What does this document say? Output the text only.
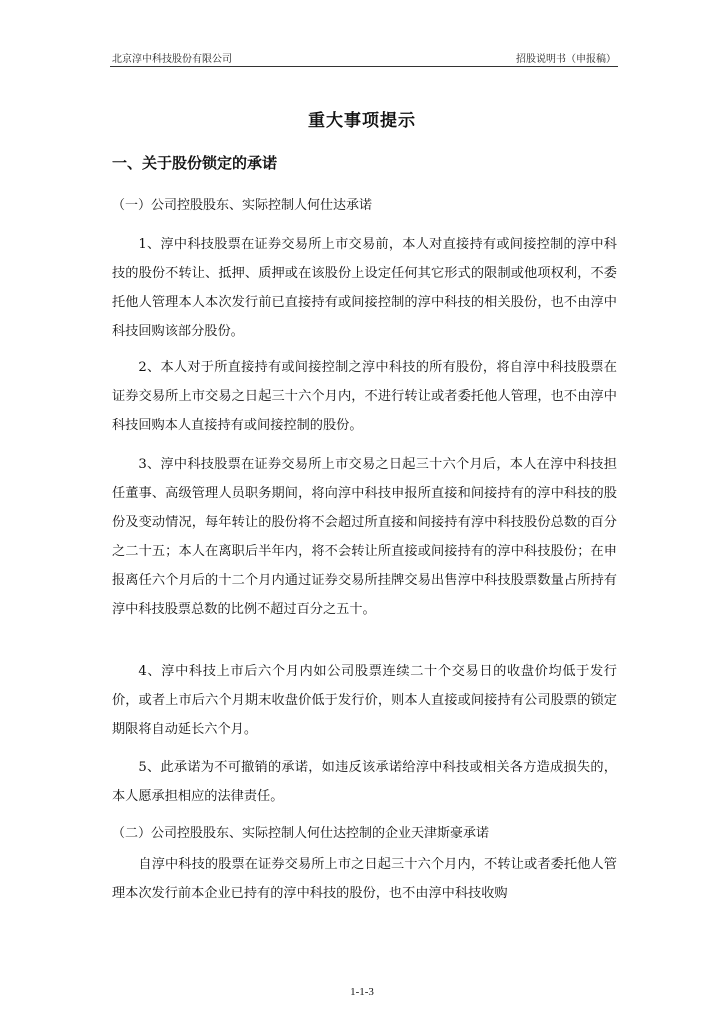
北京淳中科技股份有限公司	招股说明书（申报稿）
重大事项提示
一、关于股份锁定的承诺
（一）公司控股股东、实际控制人何仕达承诺

1、淳中科技股票在证券交易所上市交易前，本人对直接持有或间接控制的淳中科技的股份不转让、抵押、质押或在该股份上设定任何其它形式的限制或他项权利，不委托他人管理本人本次发行前已直接持有或间接控制的淳中科技的相关股份，也不由淳中科技回购该部分股份。

2、本人对于所直接持有或间接控制之淳中科技的所有股份，将自淳中科技股票在证券交易所上市交易之日起三十六个月内，不进行转让或者委托他人管理，也不由淳中科技回购本人直接持有或间接控制的股份。

3、淳中科技股票在证券交易所上市交易之日起三十六个月后，本人在淳中科技担任董事、高级管理人员职务期间，将向淳中科技申报所直接和间接持有的淳中科技的股份及变动情况，每年转让的股份将不会超过所直接和间接持有淳中科技股份总数的百分之二十五；本人在离职后半年内，将不会转让所直接或间接持有的淳中科技股份；在申报离任六个月后的十二个月内通过证券交易所挂牌交易出售淳中科技股票数量占所持有淳中科技股票总数的比例不超过百分之五十。

4、淳中科技上市后六个月内如公司股票连续二十个交易日的收盘价均低于发行价，或者上市后六个月期末收盘价低于发行价，则本人直接或间接持有公司股票的锁定期限将自动延长六个月。

5、此承诺为不可撤销的承诺，如违反该承诺给淳中科技或相关各方造成损失的，本人愿承担相应的法律责任。

（二）公司控股股东、实际控制人何仕达控制的企业天津斯豪承诺

自淳中科技的股票在证券交易所上市之日起三十六个月内，不转让或者委托他人管理本次发行前本企业已持有的淳中科技的股份，也不由淳中科技收购

1-1-3
